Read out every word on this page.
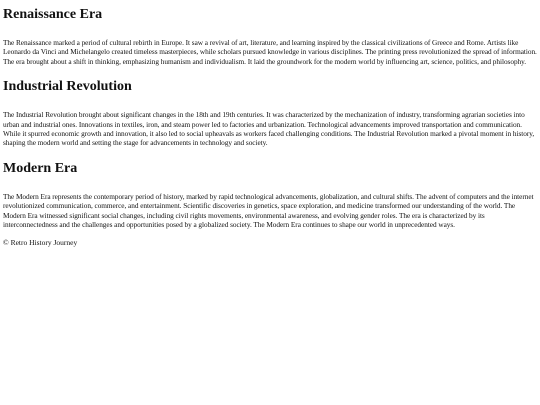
Renaissance Era

The Renaissance marked a period of cultural rebirth in Europe. It saw a revival of art, literature, and learning inspired by the classical civilizations of Greece and Rome. Artists like Leonardo da Vinci and Michelangelo created timeless masterpieces, while scholars pursued knowledge in various disciplines. The printing press revolutionized the spread of information. The era brought about a shift in thinking, emphasizing humanism and individualism. It laid the groundwork for the modern world by influencing art, science, politics, and philosophy.

Industrial Revolution

The Industrial Revolution brought about significant changes in the 18th and 19th centuries. It was characterized by the mechanization of industry, transforming agrarian societies into urban and industrial ones. Innovations in textiles, iron, and steam power led to factories and urbanization. Technological advancements improved transportation and communication. While it spurred economic growth and innovation, it also led to social upheavals as workers faced challenging conditions. The Industrial Revolution marked a pivotal moment in history, shaping the modern world and setting the stage for advancements in technology and society.

Modern Era

The Modern Era represents the contemporary period of history, marked by rapid technological advancements, globalization, and cultural shifts. The advent of computers and the internet revolutionized communication, commerce, and entertainment. Scientific discoveries in genetics, space exploration, and medicine transformed our understanding of the world. The Modern Era witnessed significant social changes, including civil rights movements, environmental awareness, and evolving gender roles. The era is characterized by its interconnectedness and the challenges and opportunities posed by a globalized society. The Modern Era continues to shape our world in unprecedented ways.

© Retro History Journey
